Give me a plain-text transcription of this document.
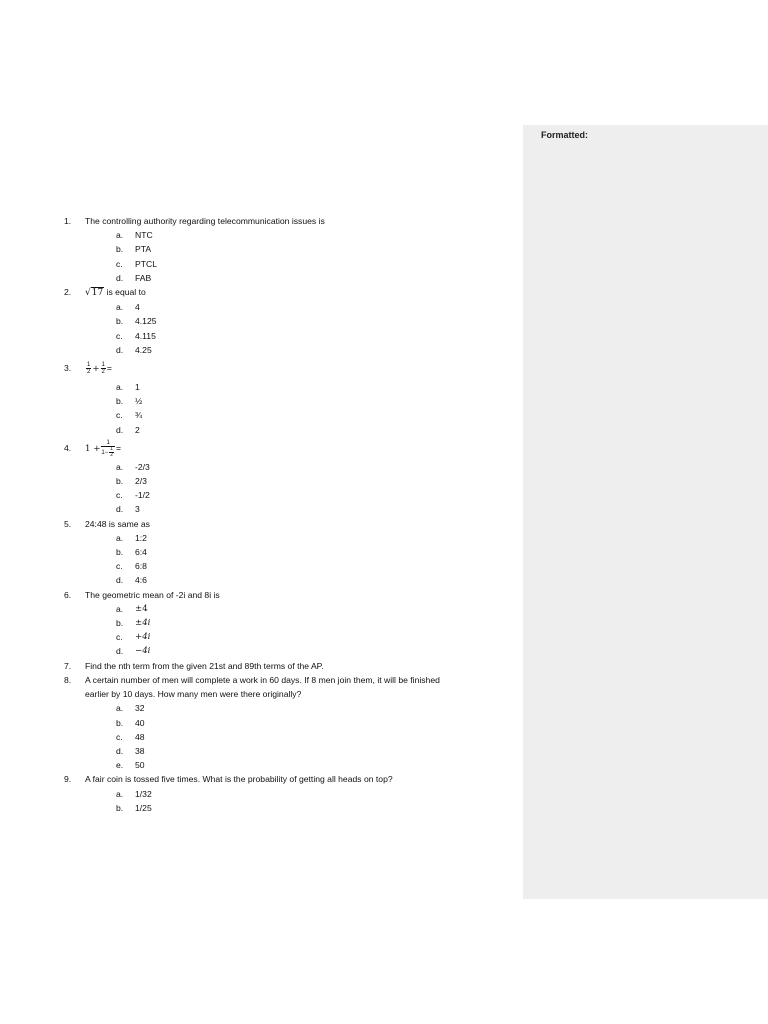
Formatted:
1.	The controlling authority regarding telecommunication issues is
a.	NTC
b.	PTA
c.	PTCL
d.	FAB
2.	√17 is equal to
a.	4
b.	4.125
c.	4.115
d.	4.25
3.	$\frac{1}{2} + \frac{1}{2}$ =
a.	1
b.	½
c.	¾
d.	2
4.	$1 + \frac{1}{1- \frac{1}{2}}$ =
a.	-2/3
b.	2/3
c.	-1/2
d.	3
5.	24:48 is same as
a.	1:2
b.	6:4
c.	6:8
d.	4:6
6.	The geometric mean of -2i and 8i is
a.	±4
b.	±4i
c.	+4i
d.	−4i
7.	Find the nth term from the given 21st and 89th terms of the AP.
8.	A certain number of men will complete a work in 60 days. If 8 men join them, it will be finished
earlier by 10 days. How many men were there originally?
a.	32
b.	40
c.	48
d.	38
e.	50
9.	A fair coin is tossed five times. What is the probability of getting all heads on top?
a.	1/32
b.	1/25
